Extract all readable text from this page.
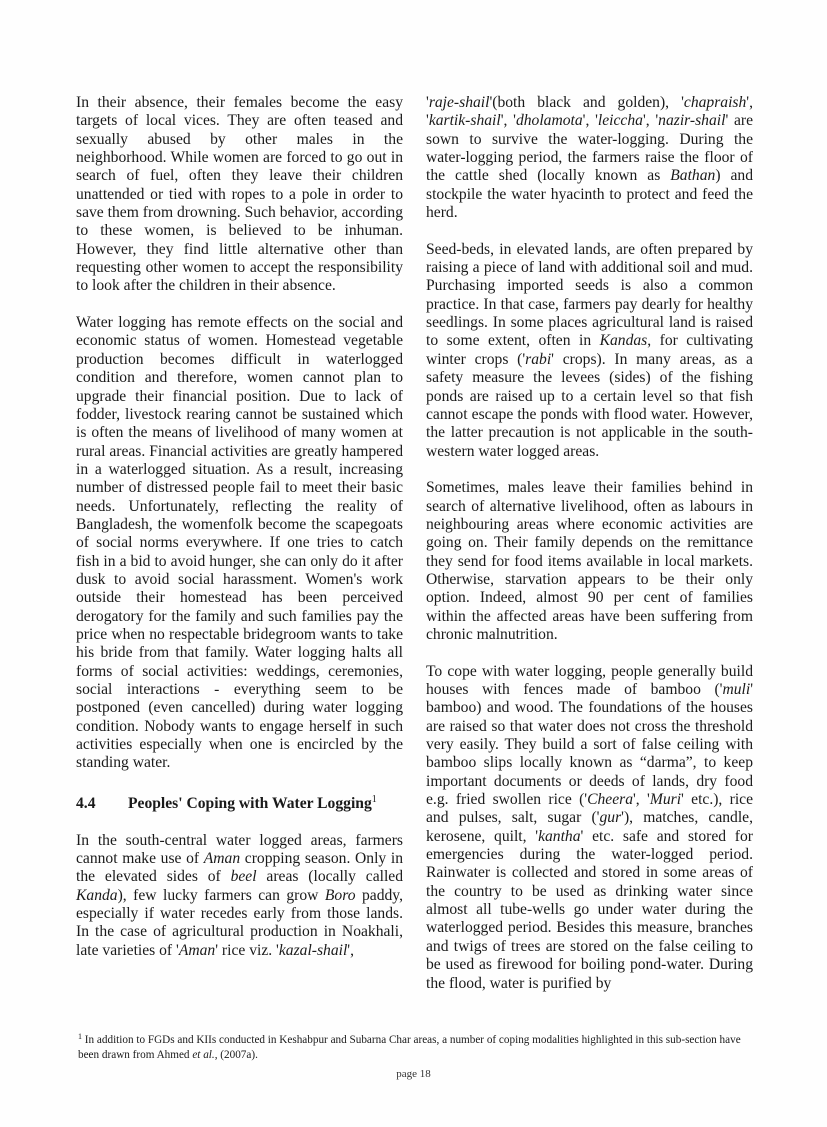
In their absence, their females become the easy targets of local vices. They are often teased and sexually abused by other males in the neighborhood. While women are forced to go out in search of fuel, often they leave their children unattended or tied with ropes to a pole in order to save them from drowning. Such behavior, according to these women, is believed to be inhuman. However, they find little alternative other than requesting other women to accept the responsibility to look after the children in their absence.

Water logging has remote effects on the social and economic status of women. Homestead vegetable production becomes difficult in waterlogged condition and therefore, women cannot plan to upgrade their financial position. Due to lack of fodder, livestock rearing cannot be sustained which is often the means of livelihood of many women at rural areas. Financial activities are greatly hampered in a waterlogged situation. As a result, increasing number of distressed people fail to meet their basic needs. Unfortunately, reflecting the reality of Bangladesh, the womenfolk become the scapegoats of social norms everywhere. If one tries to catch fish in a bid to avoid hunger, she can only do it after dusk to avoid social harassment. Women's work outside their homestead has been perceived derogatory for the family and such families pay the price when no respectable bridegroom wants to take his bride from that family. Water logging halts all forms of social activities: weddings, ceremonies, social interactions - everything seem to be postponed (even cancelled) during water logging condition. Nobody wants to engage herself in such activities especially when one is encircled by the standing water.

4.4 Peoples' Coping with Water Logging$^1$

In the south-central water logged areas, farmers cannot make use of Aman cropping season. Only in the elevated sides of beel areas (locally called Kanda), few lucky farmers can grow Boro paddy, especially if water recedes early from those lands. In the case of agricultural production in Noakhali, late varieties of 'Aman' rice viz. 'kazal-shail',

'raje-shail'(both black and golden), 'chapraish', 'kartik-shail', 'dholamota', 'leiccha', 'nazir-shail' are sown to survive the water-logging. During the water-logging period, the farmers raise the floor of the cattle shed (locally known as Bathan) and stockpile the water hyacinth to protect and feed the herd.

Seed-beds, in elevated lands, are often prepared by raising a piece of land with additional soil and mud. Purchasing imported seeds is also a common practice. In that case, farmers pay dearly for healthy seedlings. In some places agricultural land is raised to some extent, often in Kandas, for cultivating winter crops ('rabi' crops). In many areas, as a safety measure the levees (sides) of the fishing ponds are raised up to a certain level so that fish cannot escape the ponds with flood water. However, the latter precaution is not applicable in the south-western water logged areas.

Sometimes, males leave their families behind in search of alternative livelihood, often as labours in neighbouring areas where economic activities are going on. Their family depends on the remittance they send for food items available in local markets. Otherwise, starvation appears to be their only option. Indeed, almost 90 per cent of families within the affected areas have been suffering from chronic malnutrition.

To cope with water logging, people generally build houses with fences made of bamboo ('muli' bamboo) and wood. The foundations of the houses are raised so that water does not cross the threshold very easily. They build a sort of false ceiling with bamboo slips locally known as “darma”, to keep important documents or deeds of lands, dry food e.g. fried swollen rice ('Cheera', 'Muri' etc.), rice and pulses, salt, sugar ('gur'), matches, candle, kerosene, quilt, 'kantha' etc. safe and stored for emergencies during the water-logged period. Rainwater is collected and stored in some areas of the country to be used as drinking water since almost all tube-wells go under water during the waterlogged period. Besides this measure, branches and twigs of trees are stored on the false ceiling to be used as firewood for boiling pond-water. During the flood, water is purified by

$^1$ In addition to FGDs and KIIs conducted in Keshabpur and Subarna Char areas, a number of coping modalities highlighted in this sub-section have been drawn from Ahmed et al., (2007a).
page 18
